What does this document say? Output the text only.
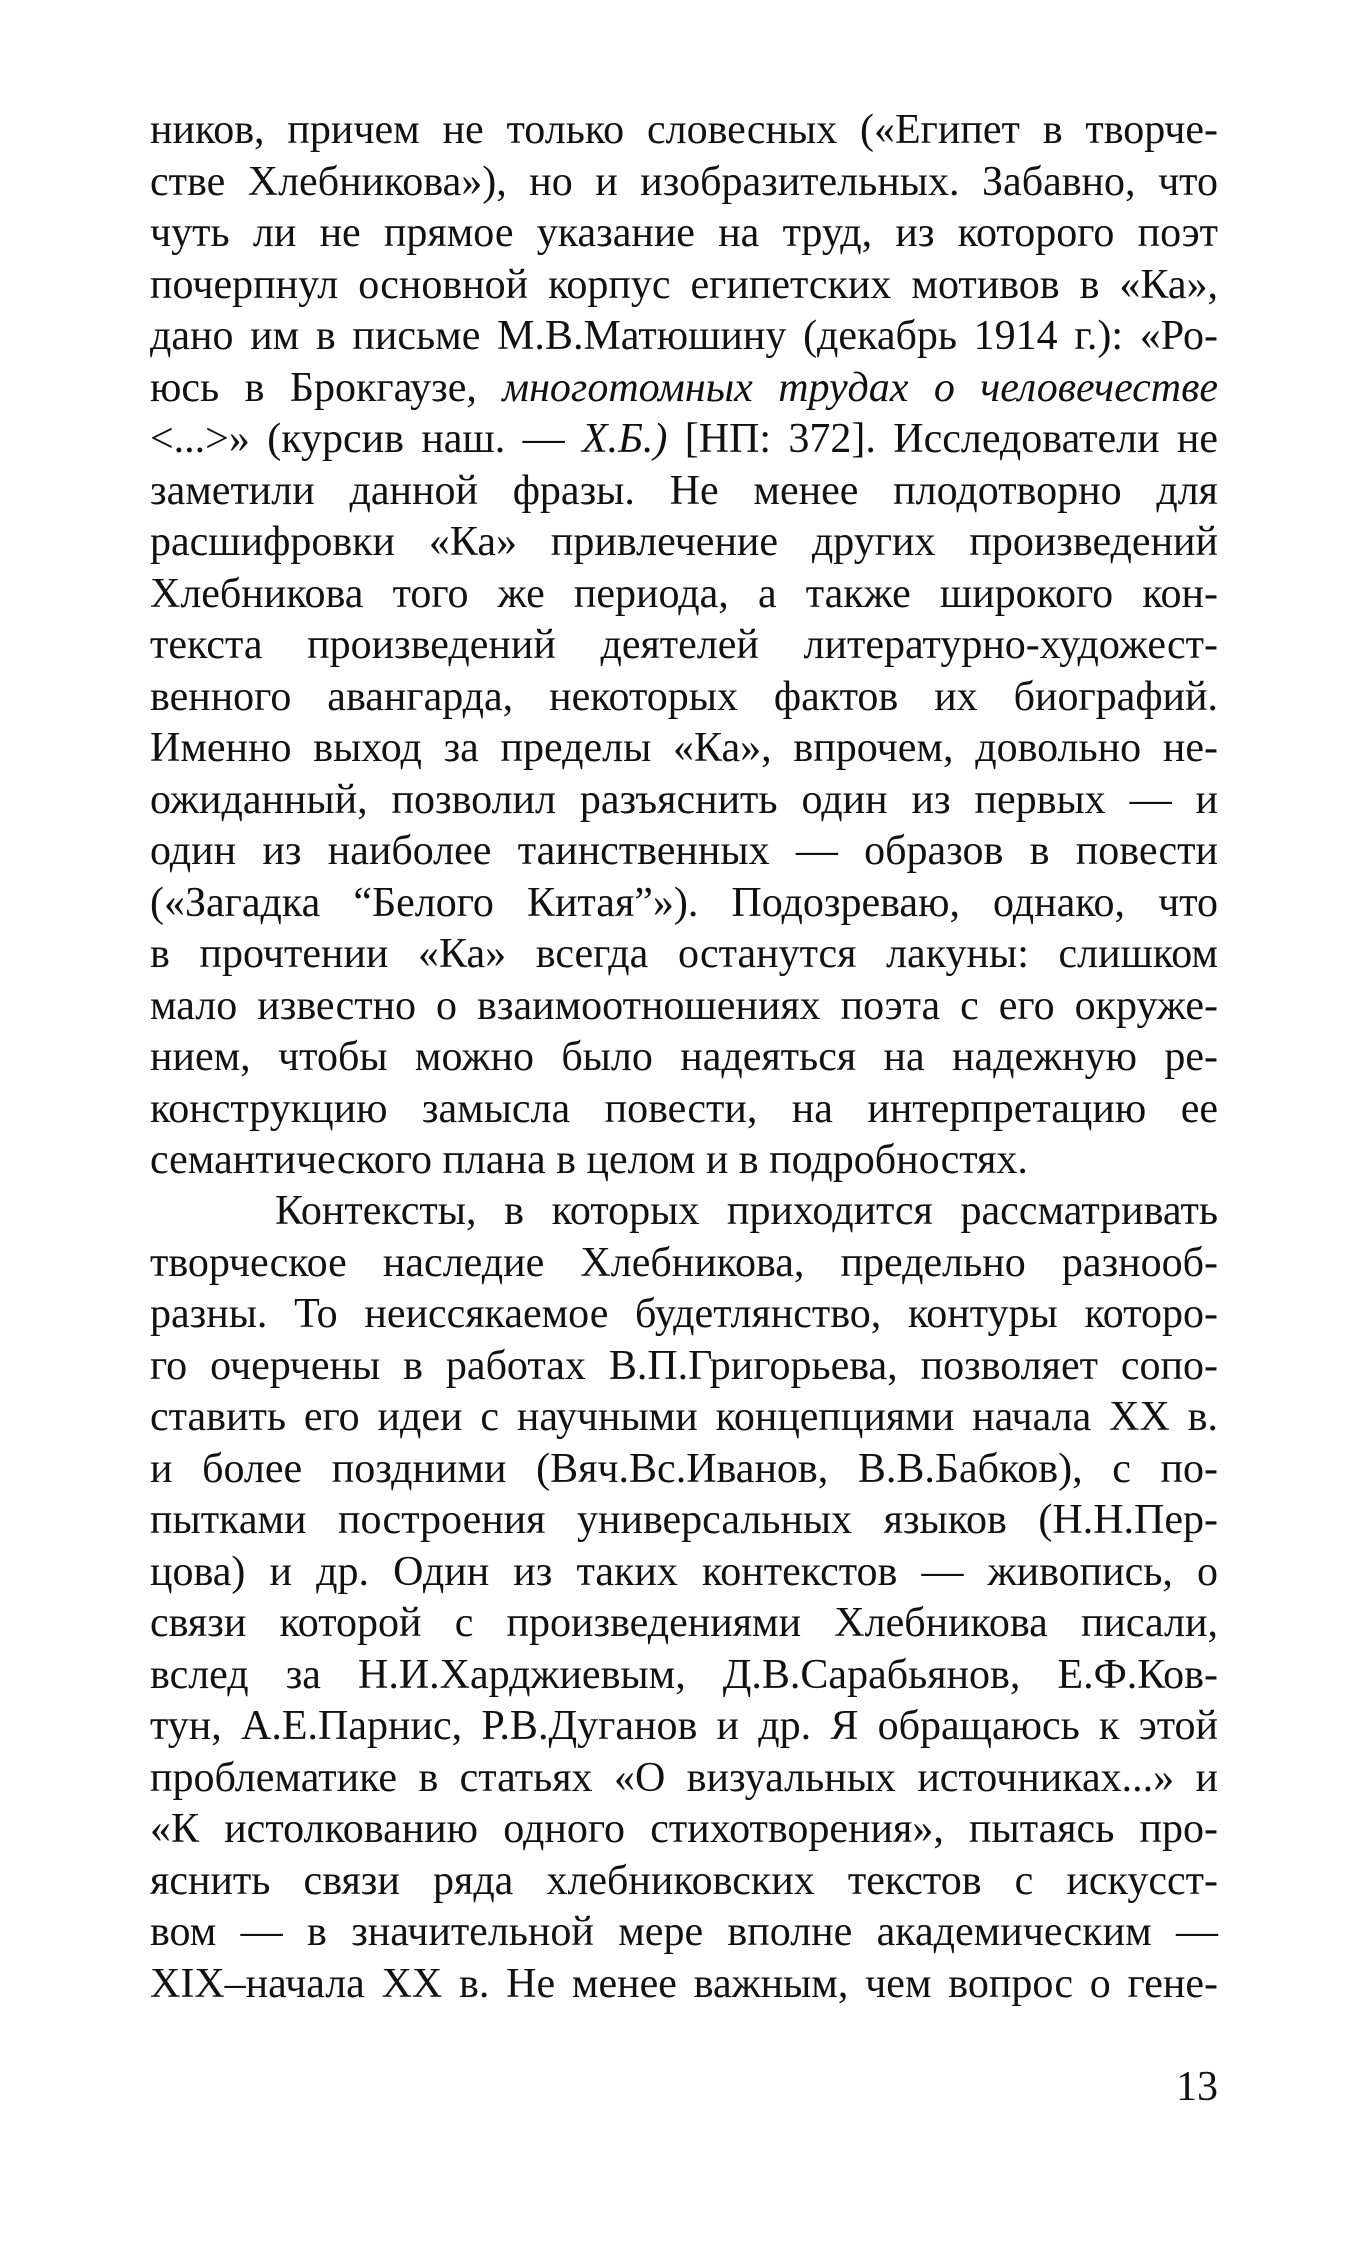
ников, причем не только словесных («Египет в творче-
стве Хлебникова»), но и изобразительных. Забавно, что
чуть ли не прямое указание на труд, из которого поэт
почерпнул основной корпус египетских мотивов в «Ка»,
дано им в письме М.В.Матюшину (декабрь 1914 г.): «Ро-
юсь в Брокгаузе, многотомных трудах о человечестве
<...>» (курсив наш. — Х.Б.) [НП: 372]. Исследователи не
заметили данной фразы. Не менее плодотворно для
расшифровки «Ка» привлечение других произведений
Хлебникова того же периода, а также широкого кон-
текста произведений деятелей литературно-художест-
венного авангарда, некоторых фактов их биографий.
Именно выход за пределы «Ка», впрочем, довольно не-
ожиданный, позволил разъяснить один из первых — и
один из наиболее таинственных — образов в повести
(«Загадка “Белого Китая”»). Подозреваю, однако, что
в прочтении «Ка» всегда останутся лакуны: слишком
мало известно о взаимоотношениях поэта с его окруже-
нием, чтобы можно было надеяться на надежную ре-
конструкцию замысла повести, на интерпретацию ее
семантического плана в целом и в подробностях.
Контексты, в которых приходится рассматривать
творческое наследие Хлебникова, предельно разнооб-
разны. То неиссякаемое будетлянство, контуры которо-
го очерчены в работах В.П.Григорьева, позволяет сопо-
ставить его идеи с научными концепциями начала XX в.
и более поздними (Вяч.Вс.Иванов, В.В.Бабков), с по-
пытками построения универсальных языков (Н.Н.Пер-
цова) и др. Один из таких контекстов — живопись, о
связи которой с произведениями Хлебникова писали,
вслед за Н.И.Харджиевым, Д.В.Сарабьянов, Е.Ф.Ков-
тун, А.Е.Парнис, Р.В.Дуганов и др. Я обращаюсь к этой
проблематике в статьях «О визуальных источниках...» и
«К истолкованию одного стихотворения», пытаясь про-
яснить связи ряда хлебниковских текстов с искусст-
вом — в значительной мере вполне академическим —
XIX–начала XX в. Не менее важным, чем вопрос о гене-
13
